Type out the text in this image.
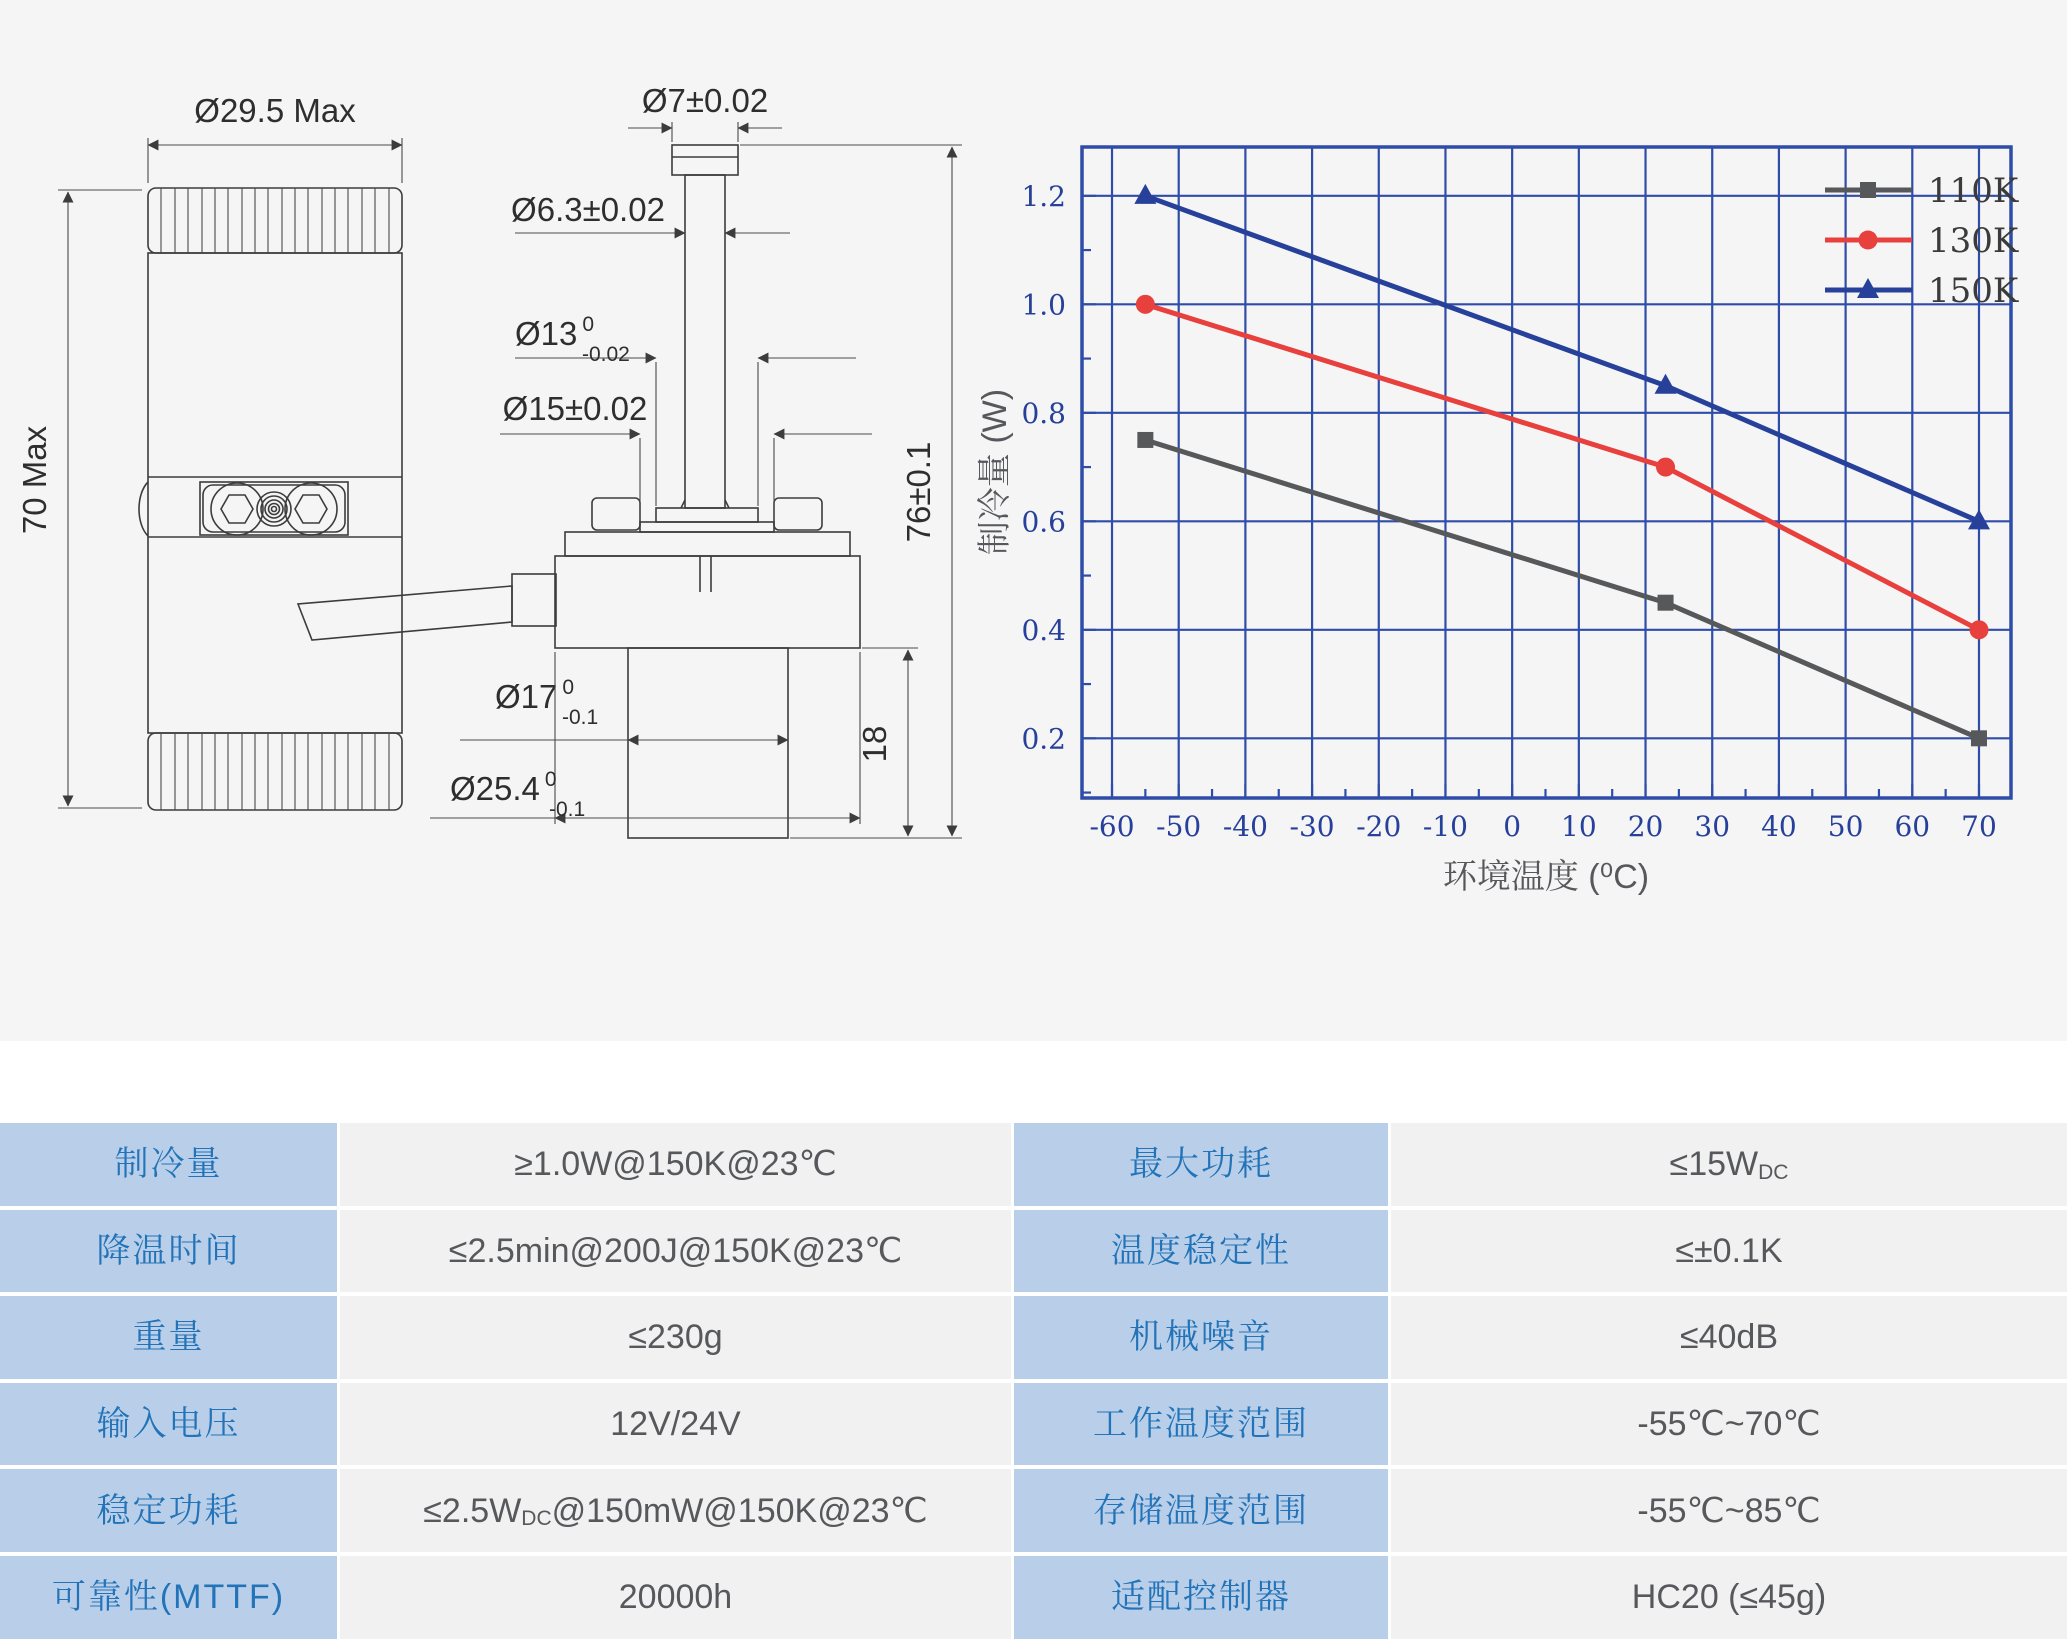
Ø29.5 Max
70 Max
Ø7±0.02
Ø6.3±0.02
Ø13 $^0$ -0.02
Ø15±0.02
Ø17 $^0$ -0.1
Ø25.4 $^0$ -0.1
18
76±0.1
-60 -50 -40 -30 -20 -10 0 10 20 30 40 50 60 70
0.2
0.4
0.6
0.8
1.0
1.2	110K
130K
150K
环境温度 (⁰C)
制冷量 (W)
制冷量	≥1.0W@150K@23℃	最大功耗	≤15W DC
降温时间	≤2.5min@200J@150K@23℃	温度稳定性	≤±0.1K
重量	≤230g	机械噪音	≤40dB
输入电压	12V/24V	工作温度范围	-55℃~70℃
稳定功耗	≤2.5W DC @150mW@150K@23℃	存储温度范围	-55℃~85℃
可靠性(MTTF)	20000h	适配控制器	HC20 (≤45g)
